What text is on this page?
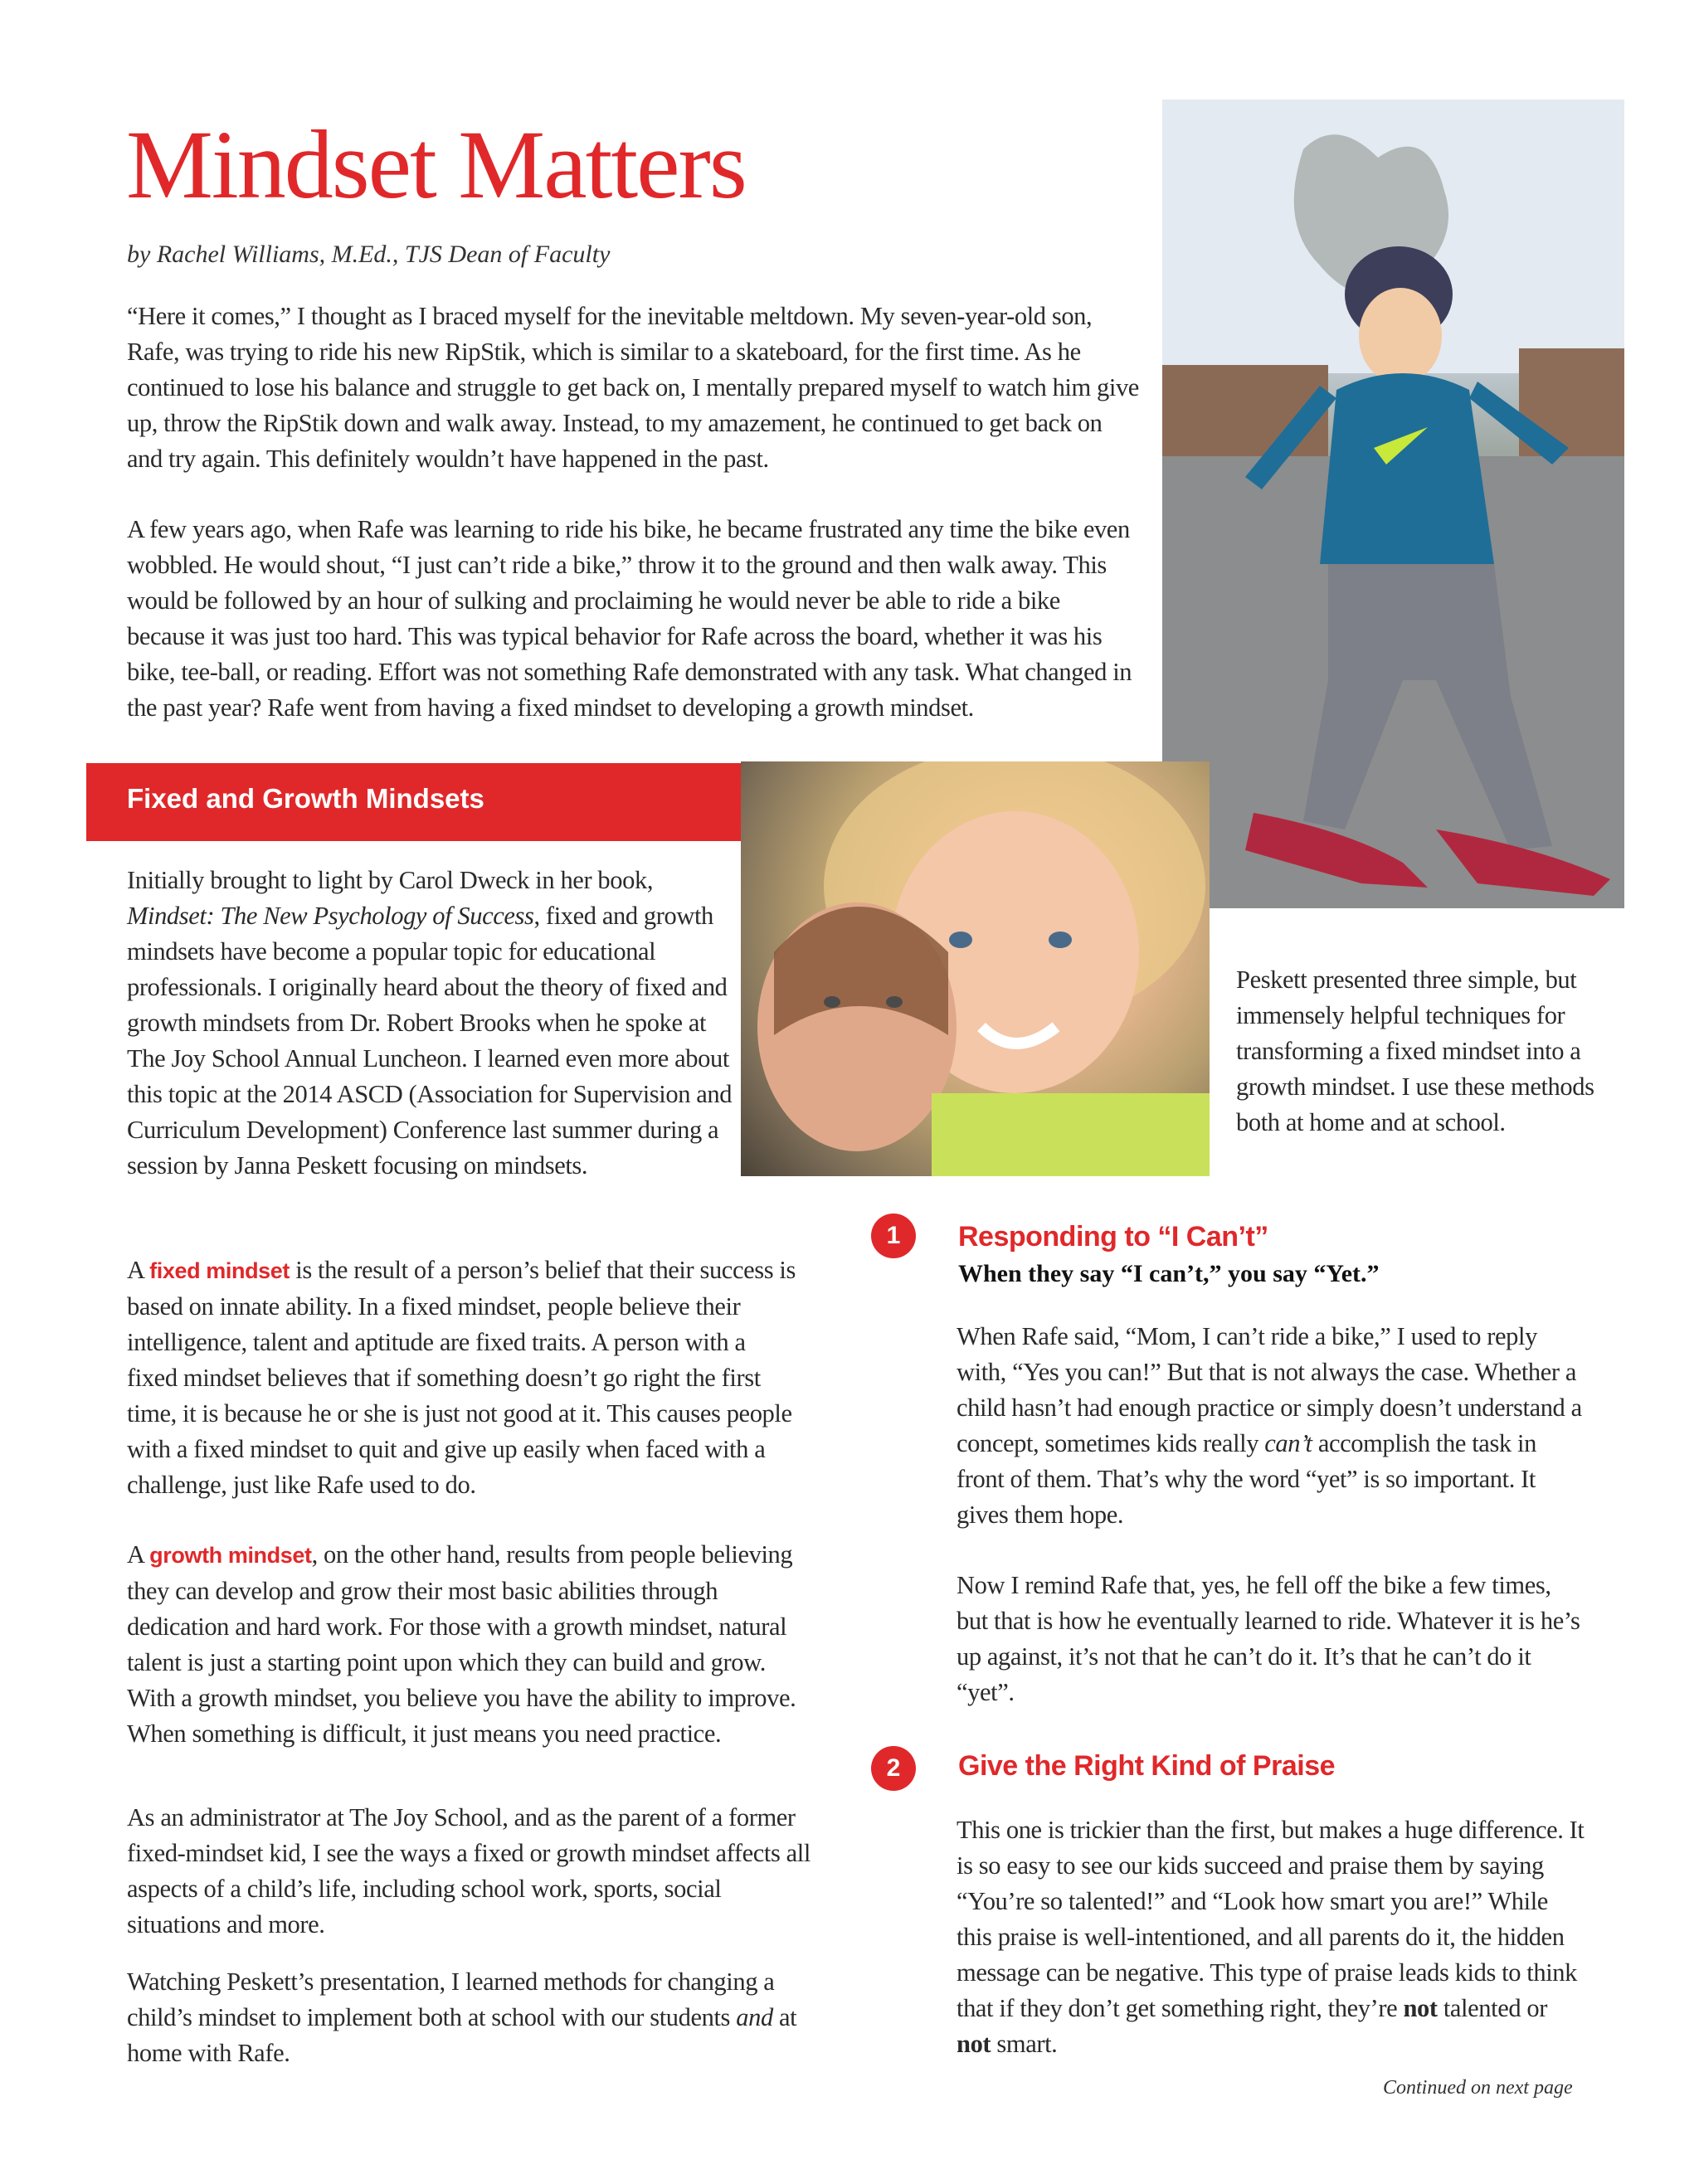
Mindset Matters
by Rachel Williams, M.Ed., TJS Dean of Faculty

“Here it comes,” I thought as I braced myself for the inevitable meltdown. My seven-year-old son, Rafe, was trying to ride his new RipStik, which is similar to a skateboard, for the first time. As he continued to lose his balance and struggle to get back on, I mentally prepared myself to watch him give up, throw the RipStik down and walk away. Instead, to my amazement, he continued to get back on and try again. This definitely wouldn’t have happened in the past.

A few years ago, when Rafe was learning to ride his bike, he became frustrated any time the bike even wobbled. He would shout, “I just can’t ride a bike,” throw it to the ground and then walk away. This would be followed by an hour of sulking and proclaiming he would never be able to ride a bike because it was just too hard. This was typical behavior for Rafe across the board, whether it was his bike, tee-ball, or reading. Effort was not something Rafe demonstrated with any task. What changed in the past year? Rafe went from having a fixed mindset to developing a growth mindset.

Fixed and Growth Mindsets

Initially brought to light by Carol Dweck in her book, Mindset: The New Psychology of Success, fixed and growth mindsets have become a popular topic for educational professionals. I originally heard about the theory of fixed and growth mindsets from Dr. Robert Brooks when he spoke at The Joy School Annual Luncheon. I learned even more about this topic at the 2014 ASCD (Association for Supervision and Curriculum Development) Conference last summer during a session by Janna Peskett focusing on mindsets.

A fixed mindset is the result of a person’s belief that their success is based on innate ability. In a fixed mindset, people believe their intelligence, talent and aptitude are fixed traits. A person with a fixed mindset believes that if something doesn’t go right the first time, it is because he or she is just not good at it. This causes people with a fixed mindset to quit and give up easily when faced with a challenge, just like Rafe used to do.

A growth mindset, on the other hand, results from people believing they can develop and grow their most basic abilities through dedication and hard work. For those with a growth mindset, natural talent is just a starting point upon which they can build and grow. With a growth mindset, you believe you have the ability to improve. When something is difficult, it just means you need practice.

As an administrator at The Joy School, and as the parent of a former fixed-mindset kid, I see the ways a fixed or growth mindset affects all aspects of a child’s life, including school work, sports, social situations and more.

Watching Peskett’s presentation, I learned methods for changing a child’s mindset to implement both at school with our students and at home with Rafe.

Peskett presented three simple, but immensely helpful techniques for transforming a fixed mindset into a growth mindset. I use these methods both at home and at school.

1	Responding to “I Can’t”
When they say “I can’t,” you say “Yet.”

When Rafe said, “Mom, I can’t ride a bike,” I used to reply with, “Yes you can!” But that is not always the case. Whether a child hasn’t had enough practice or simply doesn’t understand a concept, sometimes kids really can’t accomplish the task in front of them. That’s why the word “yet” is so important. It gives them hope.

Now I remind Rafe that, yes, he fell off the bike a few times, but that is how he eventually learned to ride. Whatever it is he’s up against, it’s not that he can’t do it. It’s that he can’t do it “yet”.

2	Give the Right Kind of Praise

This one is trickier than the first, but makes a huge difference. It is so easy to see our kids succeed and praise them by saying “You’re so talented!” and “Look how smart you are!” While this praise is well-intentioned, and all parents do it, the hidden message can be negative. This type of praise leads kids to think that if they don’t get something right, they’re not talented or not smart.

Continued on next page
